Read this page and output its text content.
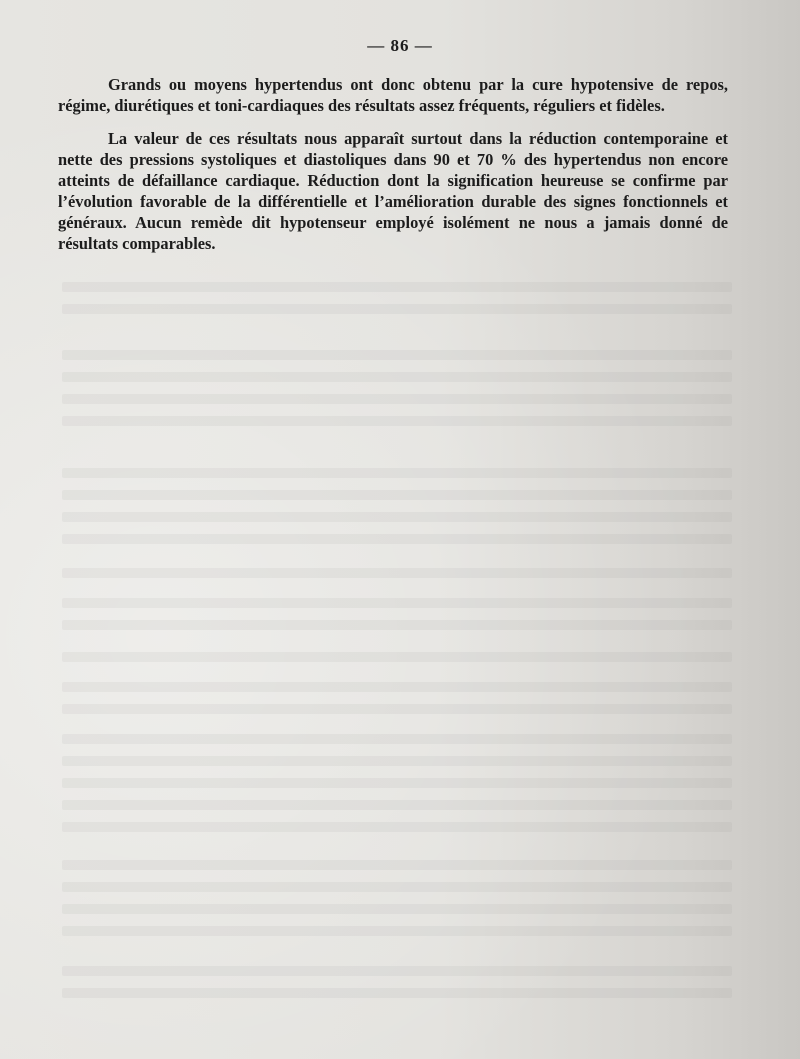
— 86 —

Grands ou moyens hypertendus ont donc obtenu par la cure hypotensive de repos, régime, diurétiques et toni-cardiaques des résultats assez fréquents, réguliers et fidèles.

La valeur de ces résultats nous apparaît surtout dans la réduction contemporaine et nette des pressions systoliques et diastoliques dans 90 et 70 % des hypertendus non encore atteints de défaillance cardiaque. Réduction dont la signification heureuse se confirme par l’évolution favorable de la différentielle et l’amélioration durable des signes fonctionnels et généraux. Aucun remède dit hypotenseur employé isolément ne nous a jamais donné de résultats comparables.
